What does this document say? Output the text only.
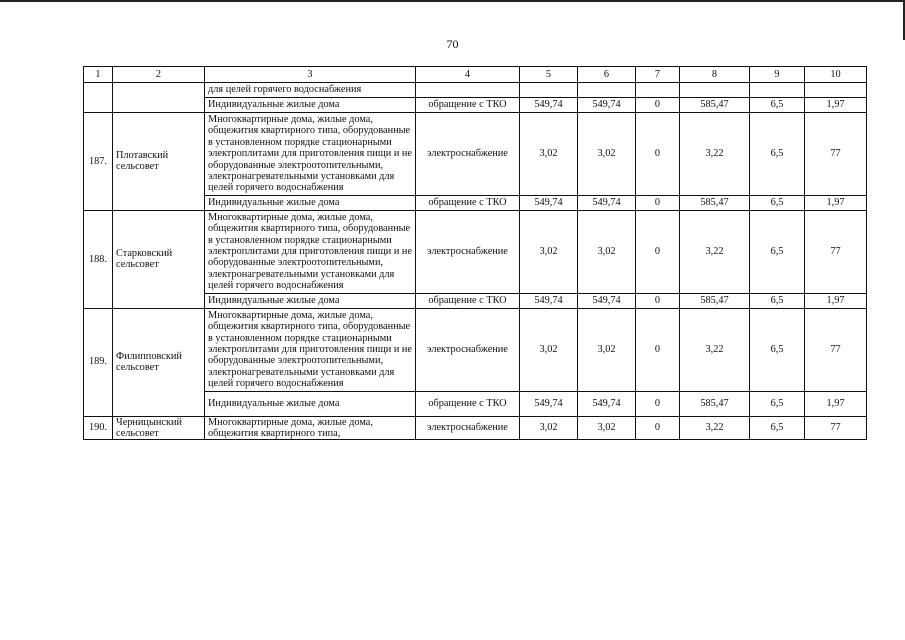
70
1	2	3	4	5	6	7	8	9	10
		для целей горячего водоснабжения							
		Индивидуальные жилые дома	обращение с ТКО	549,74	549,74	0	585,47	6,5	1,97
187.	Плотавский сельсовет	Многоквартирные дома, жилые дома, общежития квартирного типа, оборудованные в установленном порядке стационарными электроплитами для приготовления пищи и не оборудованные электроотопительными, электронагревательными установками для целей горячего водоснабжения	электроснабжение	3,02	3,02	0	3,22	6,5	77
		Индивидуальные жилые дома	обращение с ТКО	549,74	549,74	0	585,47	6,5	1,97
188.	Старковский сельсовет	Многоквартирные дома, жилые дома, общежития квартирного типа, оборудованные в установленном порядке стационарными электроплитами для приготовления пищи и не оборудованные электроотопительными, электронагревательными установками для целей горячего водоснабжения	электроснабжение	3,02	3,02	0	3,22	6,5	77
		Индивидуальные жилые дома	обращение с ТКО	549,74	549,74	0	585,47	6,5	1,97
189.	Филипповский сельсовет	Многоквартирные дома, жилые дома, общежития квартирного типа, оборудованные в установленном порядке стационарными электроплитами для приготовления пищи и не оборудованные электроотопительными, электронагревательными установками для целей горячего водоснабжения	электроснабжение	3,02	3,02	0	3,22	6,5	77
		Индивидуальные жилые дома	обращение с ТКО	549,74	549,74	0	585,47	6,5	1,97
190.	Черницынский сельсовет	Многоквартирные дома, жилые дома, общежития квартирного типа,	электроснабжение	3,02	3,02	0	3,22	6,5	77
